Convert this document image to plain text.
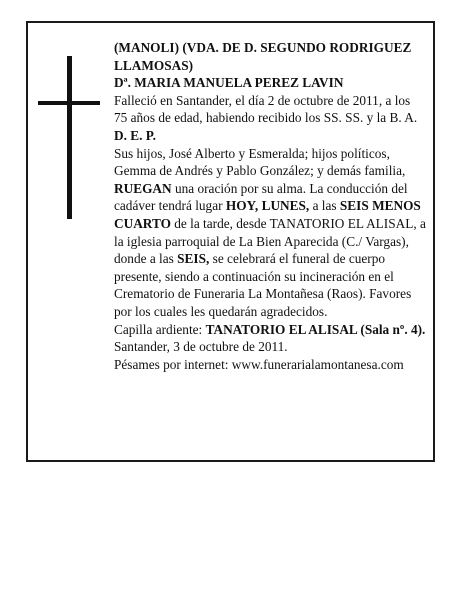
(MANOLI) (VDA. DE D. SEGUNDO RODRIGUEZ LLAMOSAS)

Dª. MARIA MANUELA PEREZ LAVIN

Falleció en Santander, el día 2 de octubre de 2011, a los 75 años de edad, habiendo recibido los SS. SS. y la B. A.

D. E. P.

Sus hijos, José Alberto y Esmeralda; hijos políticos, Gemma de Andrés y Pablo González; y demás familia, RUEGAN una oración por su alma. La conducción del cadáver tendrá lugar HOY, LUNES, a las SEIS MENOS CUARTO de la tarde, desde TANATORIO EL ALISAL, a la iglesia parroquial de La Bien Aparecida (C./ Vargas), donde a las SEIS, se celebrará el funeral de cuerpo presente, siendo a continuación su incineración en el Crematorio de Funeraria La Montañesa (Raos). Favores por los cuales les quedarán agradecidos.

Capilla ardiente: TANATORIO EL ALISAL (Sala nº. 4).

Santander, 3 de octubre de 2011.

Pésames por internet: www.funerarialamontanesa.com
